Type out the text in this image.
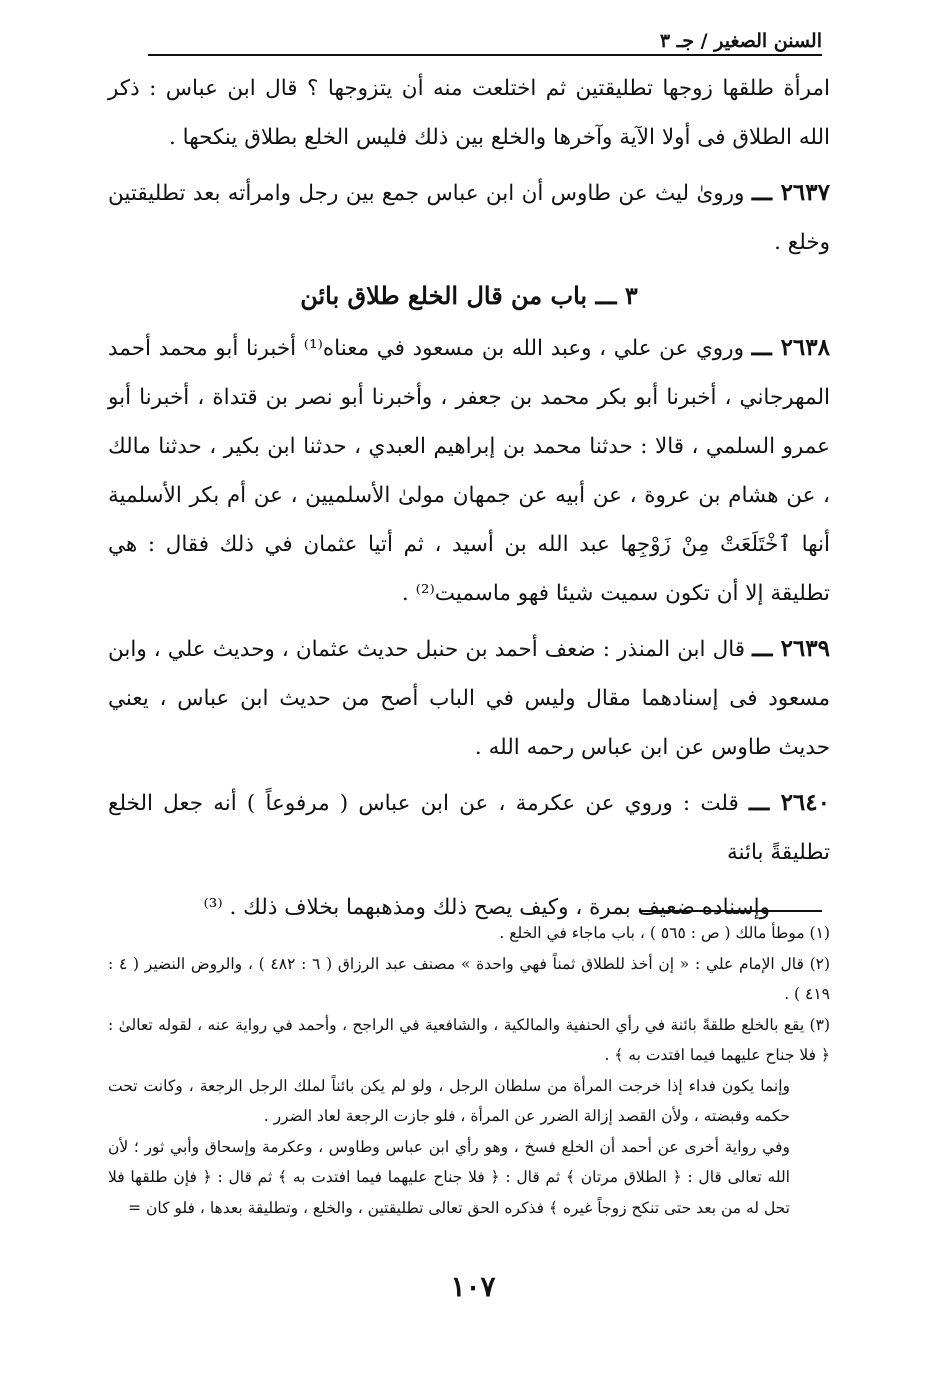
السنن الصغير / جـ ٣

امرأة طلقها زوجها تطليقتين ثم اختلعت منه أن يتزوجها ؟ قال ابن عباس : ذكر الله الطلاق فى أولا الآية وآخرها والخلع بين ذلك فليس الخلع بطلاق ينكحها .

٢٦٣٧ ـــ وروىٰ ليث عن طاوس أن ابن عباس جمع بين رجل وامرأته بعد تطليقتين وخلع .

٣ ـــ باب من قال الخلع طلاق بائن

٢٦٣٨ ـــ وروي عن علي ، وعبد الله بن مسعود في معناه⁽¹⁾ أخبرنا أبو محمد أحمد المهرجاني ، أخبرنا أبو بكر محمد بن جعفر ، وأخبرنا أبو نصر بن قتداة ، أخبرنا أبو عمرو السلمي ، قالا : حدثنا محمد بن إبراهيم العبدي ، حدثنا ابن بكير ، حدثنا مالك ، عن هشام بن عروة ، عن أبيه عن جمهان مولىٰ الأسلميين ، عن أم بكر الأسلمية أنها ٱخْتَلَعَتْ مِنْ زَوْجِها عبد الله بن أسيد ، ثم أتيا عثمان في ذلك فقال : هي تطليقة إلا أن تكون سميت شيئا فهو ماسميت⁽²⁾ .

٢٦٣٩ ـــ قال ابن المنذر : ضعف أحمد بن حنبل حديث عثمان ، وحديث علي ، وابن مسعود فى إسنادهما مقال وليس في الباب أصح من حديث ابن عباس ، يعني حديث طاوس عن ابن عباس رحمه الله .

٢٦٤٠ ـــ قلت : وروي عن عكرمة ، عن ابن عباس ( مرفوعاً ) أنه جعل الخلع تطليقةً بائنة

وإسناده ضعيف بمرة ، وكيف يصح ذلك ومذهبهما بخلاف ذلك . ⁽³⁾

(١) موطأ مالك ( ص : ٥٦٥ ) ، باب ماجاء في الخلع .

(٢) قال الإمام علي : « إن أخذ للطلاق ثمناً فهي واحدة » مصنف عبد الرزاق ( ٦ : ٤٨٢ ) ، والروض النضير ( ٤ : ٤١٩ ) .

(٣) يقع بالخلع طلقةً بائنة في رأي الحنفية والمالكية ، والشافعية في الراجح ، وأحمد في رواية عنه ، لقوله تعالىٰ : ﴿ فلا جناح عليهما فيما افتدت به ﴾ .

وإنما يكون فداء إذا خرجت المرأة من سلطان الرجل ، ولو لم يكن بائناً لملك الرجل الرجعة ، وكانت تحت حكمه وقبضته ، ولأن القصد إزالة الضرر عن المرأة ، فلو جازت الرجعة لعاد الضرر .

وفي رواية أخرى عن أحمد أن الخلع فسخ ، وهو رأي ابن عباس وطاوس ، وعكرمة وإسحاق وأبي ثور ؛ لأن الله تعالى قال : ﴿ الطلاق مرتان ﴾ ثم قال : ﴿ فلا جناح عليهما فيما افتدت به ﴾ ثم قال : ﴿ فإن طلقها فلا تحل له من بعد حتى تنكح زوجاً غيره ﴾ فذكره الحق تعالى تطليقتين ، والخلع ، وتطليقة بعدها ، فلو كان =

١٠٧
